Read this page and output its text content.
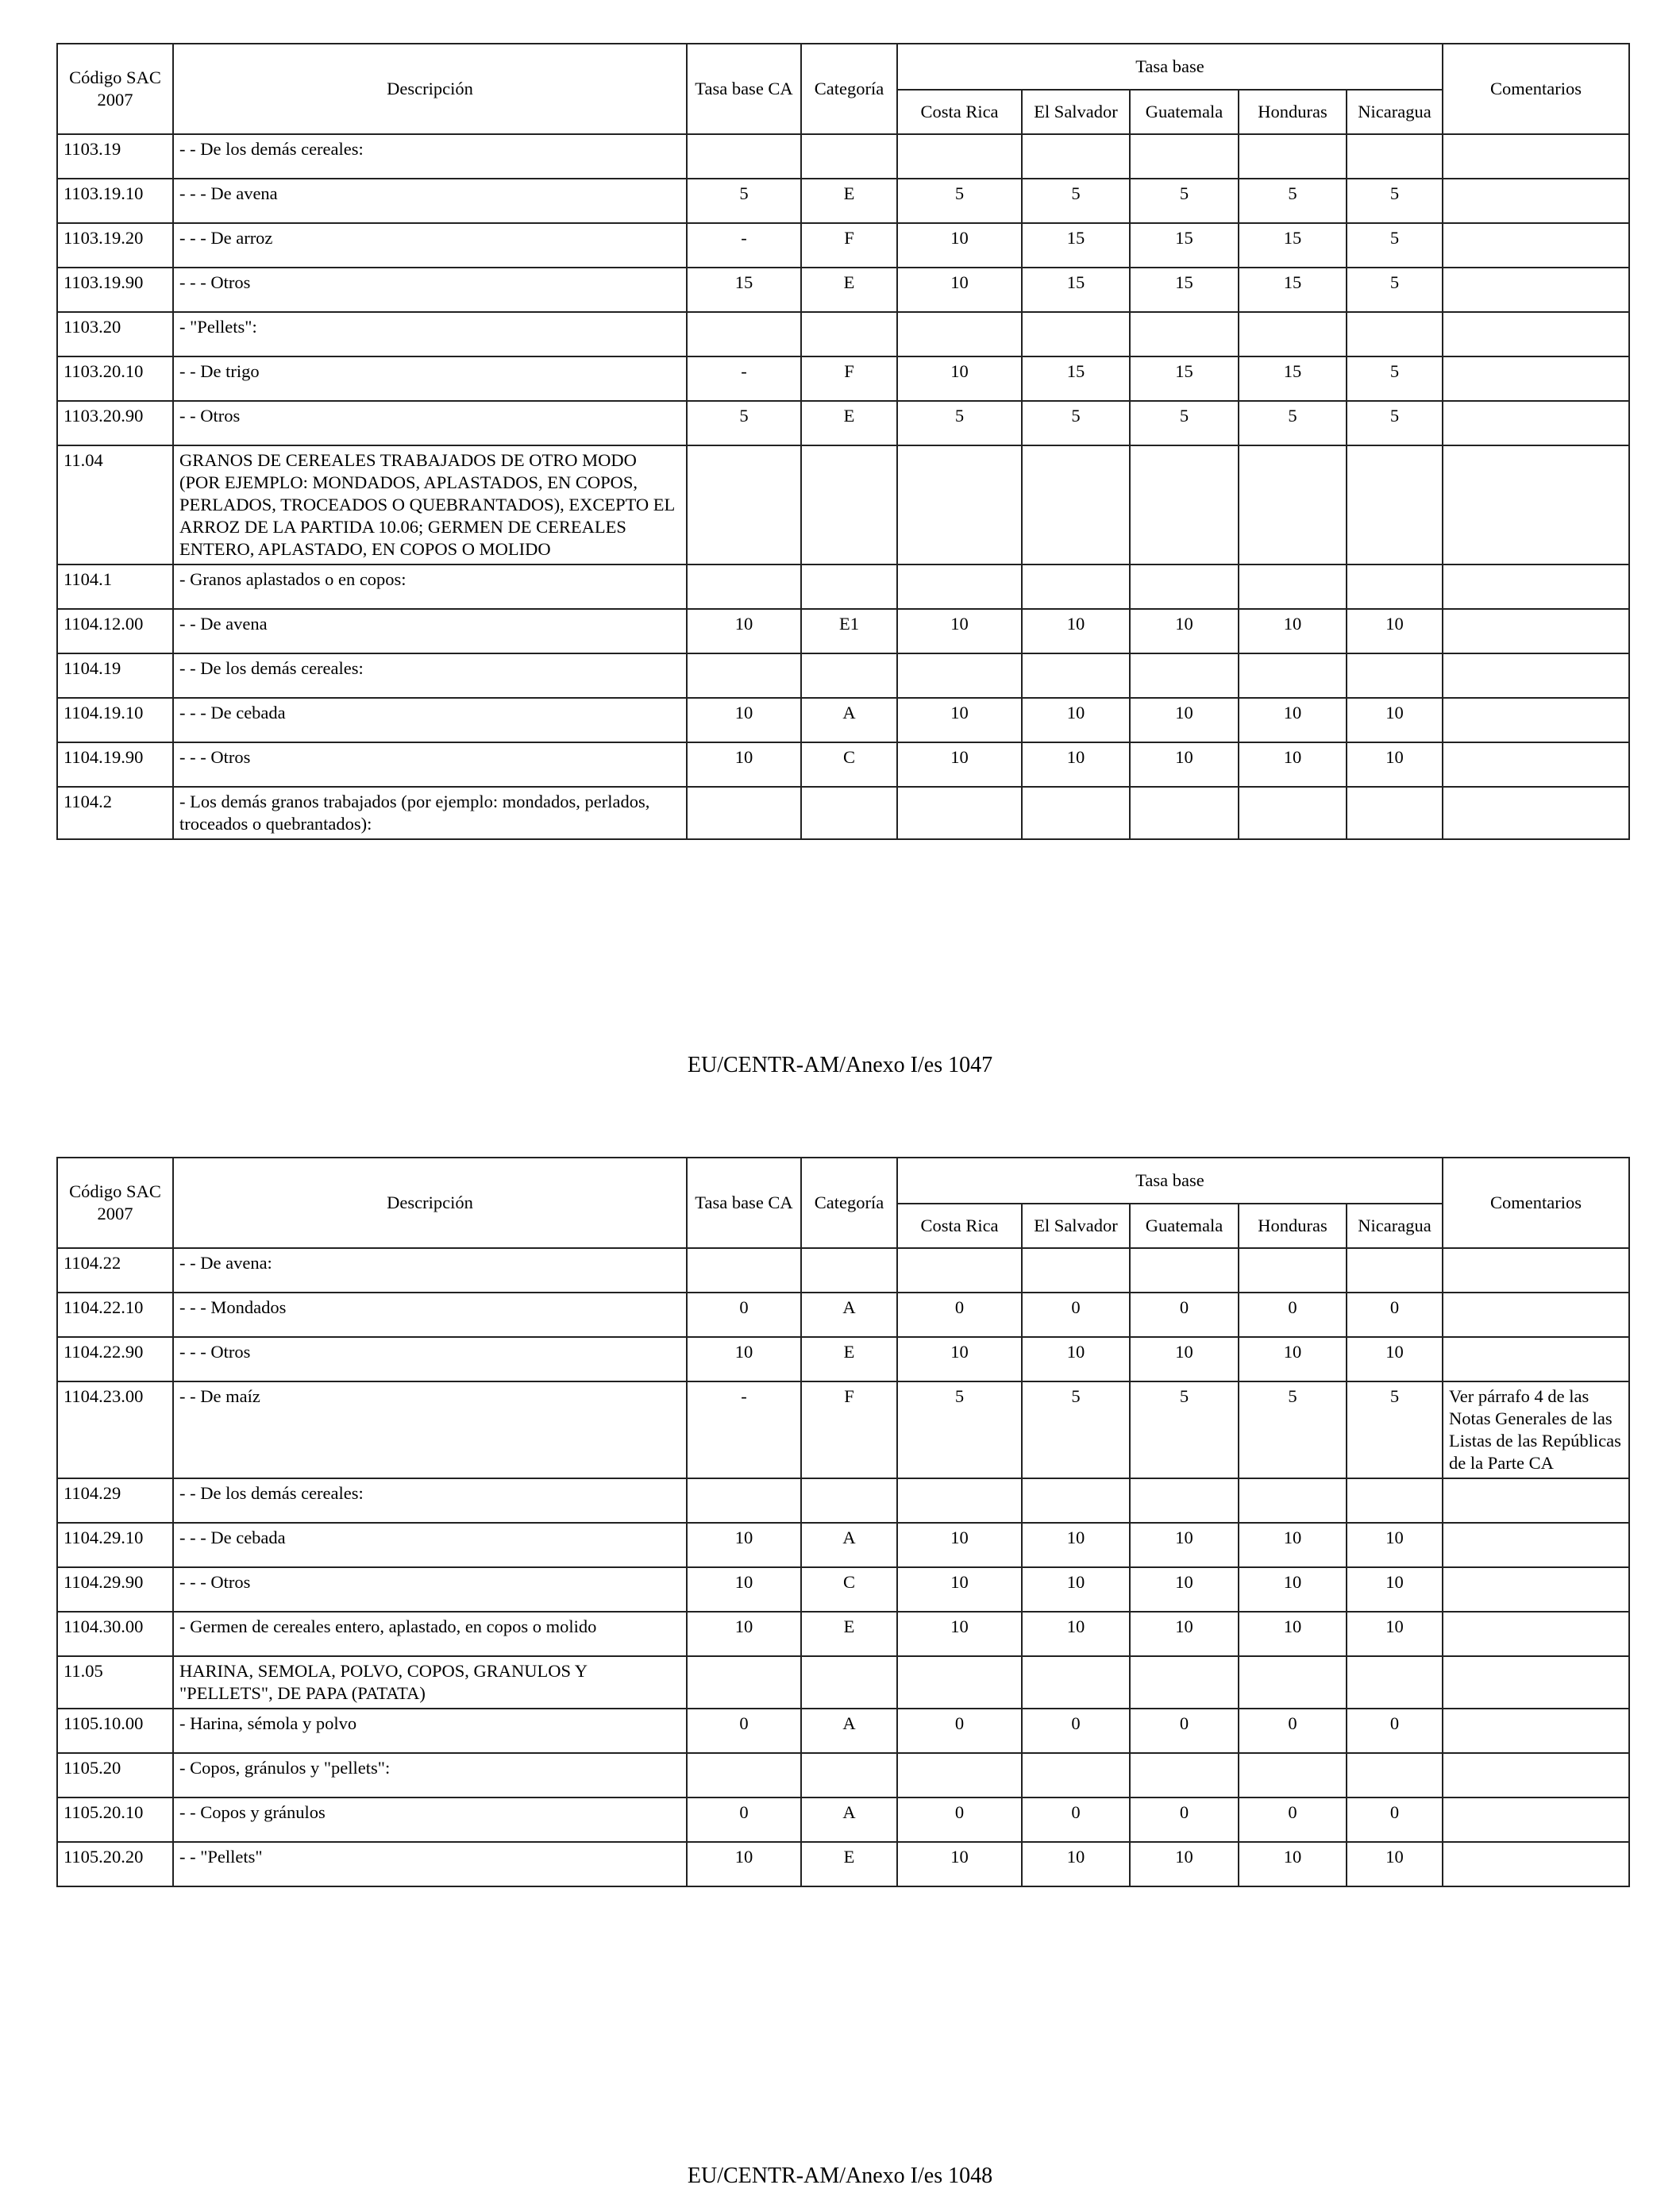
Código SAC 2007	Descripción	Tasa base CA	Categoría	Tasa base					Comentarios
				Costa Rica	El Salvador	Guatemala	Honduras	Nicaragua	
1103.19	- - De los demás cereales:								
1103.19.10	- - - De avena	5	E	5	5	5	5	5	
1103.19.20	- - - De arroz	-	F	10	15	15	15	5	
1103.19.90	- - - Otros	15	E	10	15	15	15	5	
1103.20	- "Pellets":								
1103.20.10	- - De trigo	-	F	10	15	15	15	5	
1103.20.90	- - Otros	5	E	5	5	5	5	5	
11.04	GRANOS DE CEREALES TRABAJADOS DE OTRO MODO (POR EJEMPLO: MONDADOS, APLASTADOS, EN COPOS, PERLADOS, TROCEADOS O QUEBRANTADOS), EXCEPTO EL ARROZ DE LA PARTIDA 10.06; GERMEN DE CEREALES ENTERO, APLASTADO, EN COPOS O MOLIDO								
1104.1	- Granos aplastados o en copos:								
1104.12.00	- - De avena	10	E1	10	10	10	10	10	
1104.19	- - De los demás cereales:								
1104.19.10	- - - De cebada	10	A	10	10	10	10	10	
1104.19.90	- - - Otros	10	C	10	10	10	10	10	
1104.2	- Los demás granos trabajados (por ejemplo: mondados, perlados, troceados o quebrantados):								
EU/CENTR-AM/Anexo I/es 1047
Código SAC 2007	Descripción	Tasa base CA	Categoría	Tasa base					Comentarios
				Costa Rica	El Salvador	Guatemala	Honduras	Nicaragua	
1104.22	- - De avena:								
1104.22.10	- - - Mondados	0	A	0	0	0	0	0	
1104.22.90	- - - Otros	10	E	10	10	10	10	10	
1104.23.00	- - De maíz	-	F	5	5	5	5	5	Ver párrafo 4 de las Notas Generales de las Listas de las Repúblicas de la Parte CA
1104.29	- - De los demás cereales:								
1104.29.10	- - - De cebada	10	A	10	10	10	10	10	
1104.29.90	- - - Otros	10	C	10	10	10	10	10	
1104.30.00	- Germen de cereales entero, aplastado, en copos o molido	10	E	10	10	10	10	10	
11.05	HARINA, SEMOLA, POLVO, COPOS, GRANULOS Y "PELLETS", DE PAPA (PATATA)								
1105.10.00	- Harina, sémola y polvo	0	A	0	0	0	0	0	
1105.20	- Copos, gránulos y "pellets":								
1105.20.10	- - Copos y gránulos	0	A	0	0	0	0	0	
1105.20.20	- - "Pellets"	10	E	10	10	10	10	10	
EU/CENTR-AM/Anexo I/es 1048
